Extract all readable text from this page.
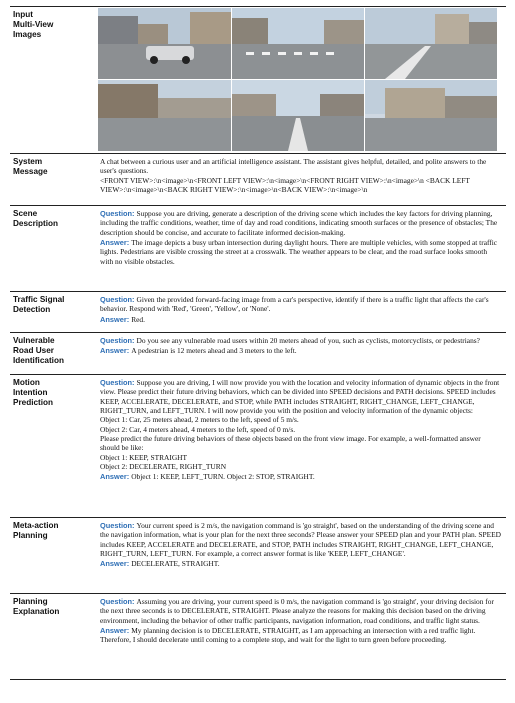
Input
Multi-View
Images
System
Message
A chat between a curious user and an artificial intelligence assistant. The assistant gives helpful, detailed, and polite answers to the user's questions.
<FRONT VIEW>:\n<image>\n<FRONT LEFT VIEW>:\n<image>\n<FRONT RIGHT VIEW>:\n<image>\n <BACK LEFT VIEW>:\n<image>\n<BACK RIGHT VIEW>:\n<image>\n<BACK VIEW>:\n<image>\n
Scene
Description
Question: Suppose you are driving, generate a description of the driving scene which includes the key factors for driving planning, including the traffic conditions, weather, time of day and road conditions, indicating smooth surfaces or the presence of obstacles; The description should be concise, and accurate to facilitate informed decision-making.
Answer: The image depicts a busy urban intersection during daylight hours. There are multiple vehicles, with some stopped at traffic lights. Pedestrians are visible crossing the street at a crosswalk. The weather appears to be clear, and the road surface looks smooth with no visible obstacles.
Traffic Signal
Detection
Question: Given the provided forward-facing image from a car's perspective, identify if there is a traffic light that affects the car's behavior. Respond with 'Red', 'Green', 'Yellow', or 'None'.
Answer: Red.
Vulnerable
Road User
Identification
Question: Do you see any vulnerable road users within 20 meters ahead of you, such as cyclists, motorcyclists, or pedestrians?
Answer: A pedestrian is 12 meters ahead and 3 meters to the left.
Motion
Intention
Prediction
Question: Suppose you are driving, I will now provide you with the location and velocity information of dynamic objects in the front view. Please predict their future driving behaviors, which can be divided into SPEED decisions and PATH decisions. SPEED includes KEEP, ACCELERATE, DECELERATE, and STOP, while PATH includes STRAIGHT, RIGHT_CHANGE, LEFT_CHANGE, RIGHT_TURN, and LEFT_TURN. I will now provide you with the position and velocity information of the dynamic objects:
Object 1: Car, 25 meters ahead, 2 meters to the left, speed of 5 m/s.
Object 2: Car, 4 meters ahead, 4 meters to the left, speed of 0 m/s.
Please predict the future driving behaviors of these objects based on the front view image. For example, a well-formatted answer should be like:
Object 1: KEEP, STRAIGHT
Object 2: DECELERATE, RIGHT_TURN
Answer: Object 1: KEEP, LEFT_TURN. Object 2: STOP, STRAIGHT.
Meta-action
Planning
Question: Your current speed is 2 m/s, the navigation command is 'go straight', based on the understanding of the driving scene and the navigation information, what is your plan for the next three seconds? Please answer your SPEED plan and your PATH plan. SPEED includes KEEP, ACCELERATE and DECELERATE, and STOP, PATH includes STRAIGHT, RIGHT_CHANGE, LEFT_CHANGE, RIGHT_TURN, LEFT_TURN. For example, a correct answer format is like 'KEEP, LEFT_CHANGE'.
Answer: DECELERATE, STRAIGHT.
Planning
Explanation
Question: Assuming you are driving, your current speed is 0 m/s, the navigation command is 'go straight', your driving decision for the next three seconds is to DECELERATE, STRAIGHT. Please analyze the reasons for making this decision based on the driving environment, including the behavior of other traffic participants, navigation information, road conditions, and traffic light status.
Answer: My planning decision is to DECELERATE, STRAIGHT, as I am approaching an intersection with a red traffic light. Therefore, I should decelerate until coming to a complete stop, and wait for the light to turn green before proceeding.
